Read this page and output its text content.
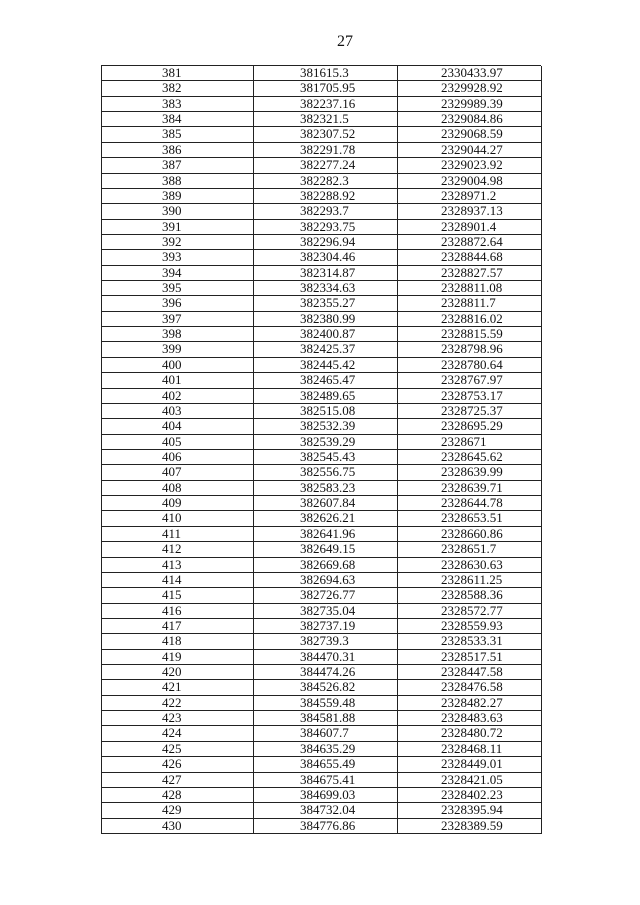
27
381	381615.3	2330433.97
382	381705.95	2329928.92
383	382237.16	2329989.39
384	382321.5	2329084.86
385	382307.52	2329068.59
386	382291.78	2329044.27
387	382277.24	2329023.92
388	382282.3	2329004.98
389	382288.92	2328971.2
390	382293.7	2328937.13
391	382293.75	2328901.4
392	382296.94	2328872.64
393	382304.46	2328844.68
394	382314.87	2328827.57
395	382334.63	2328811.08
396	382355.27	2328811.7
397	382380.99	2328816.02
398	382400.87	2328815.59
399	382425.37	2328798.96
400	382445.42	2328780.64
401	382465.47	2328767.97
402	382489.65	2328753.17
403	382515.08	2328725.37
404	382532.39	2328695.29
405	382539.29	2328671
406	382545.43	2328645.62
407	382556.75	2328639.99
408	382583.23	2328639.71
409	382607.84	2328644.78
410	382626.21	2328653.51
411	382641.96	2328660.86
412	382649.15	2328651.7
413	382669.68	2328630.63
414	382694.63	2328611.25
415	382726.77	2328588.36
416	382735.04	2328572.77
417	382737.19	2328559.93
418	382739.3	2328533.31
419	384470.31	2328517.51
420	384474.26	2328447.58
421	384526.82	2328476.58
422	384559.48	2328482.27
423	384581.88	2328483.63
424	384607.7	2328480.72
425	384635.29	2328468.11
426	384655.49	2328449.01
427	384675.41	2328421.05
428	384699.03	2328402.23
429	384732.04	2328395.94
430	384776.86	2328389.59
